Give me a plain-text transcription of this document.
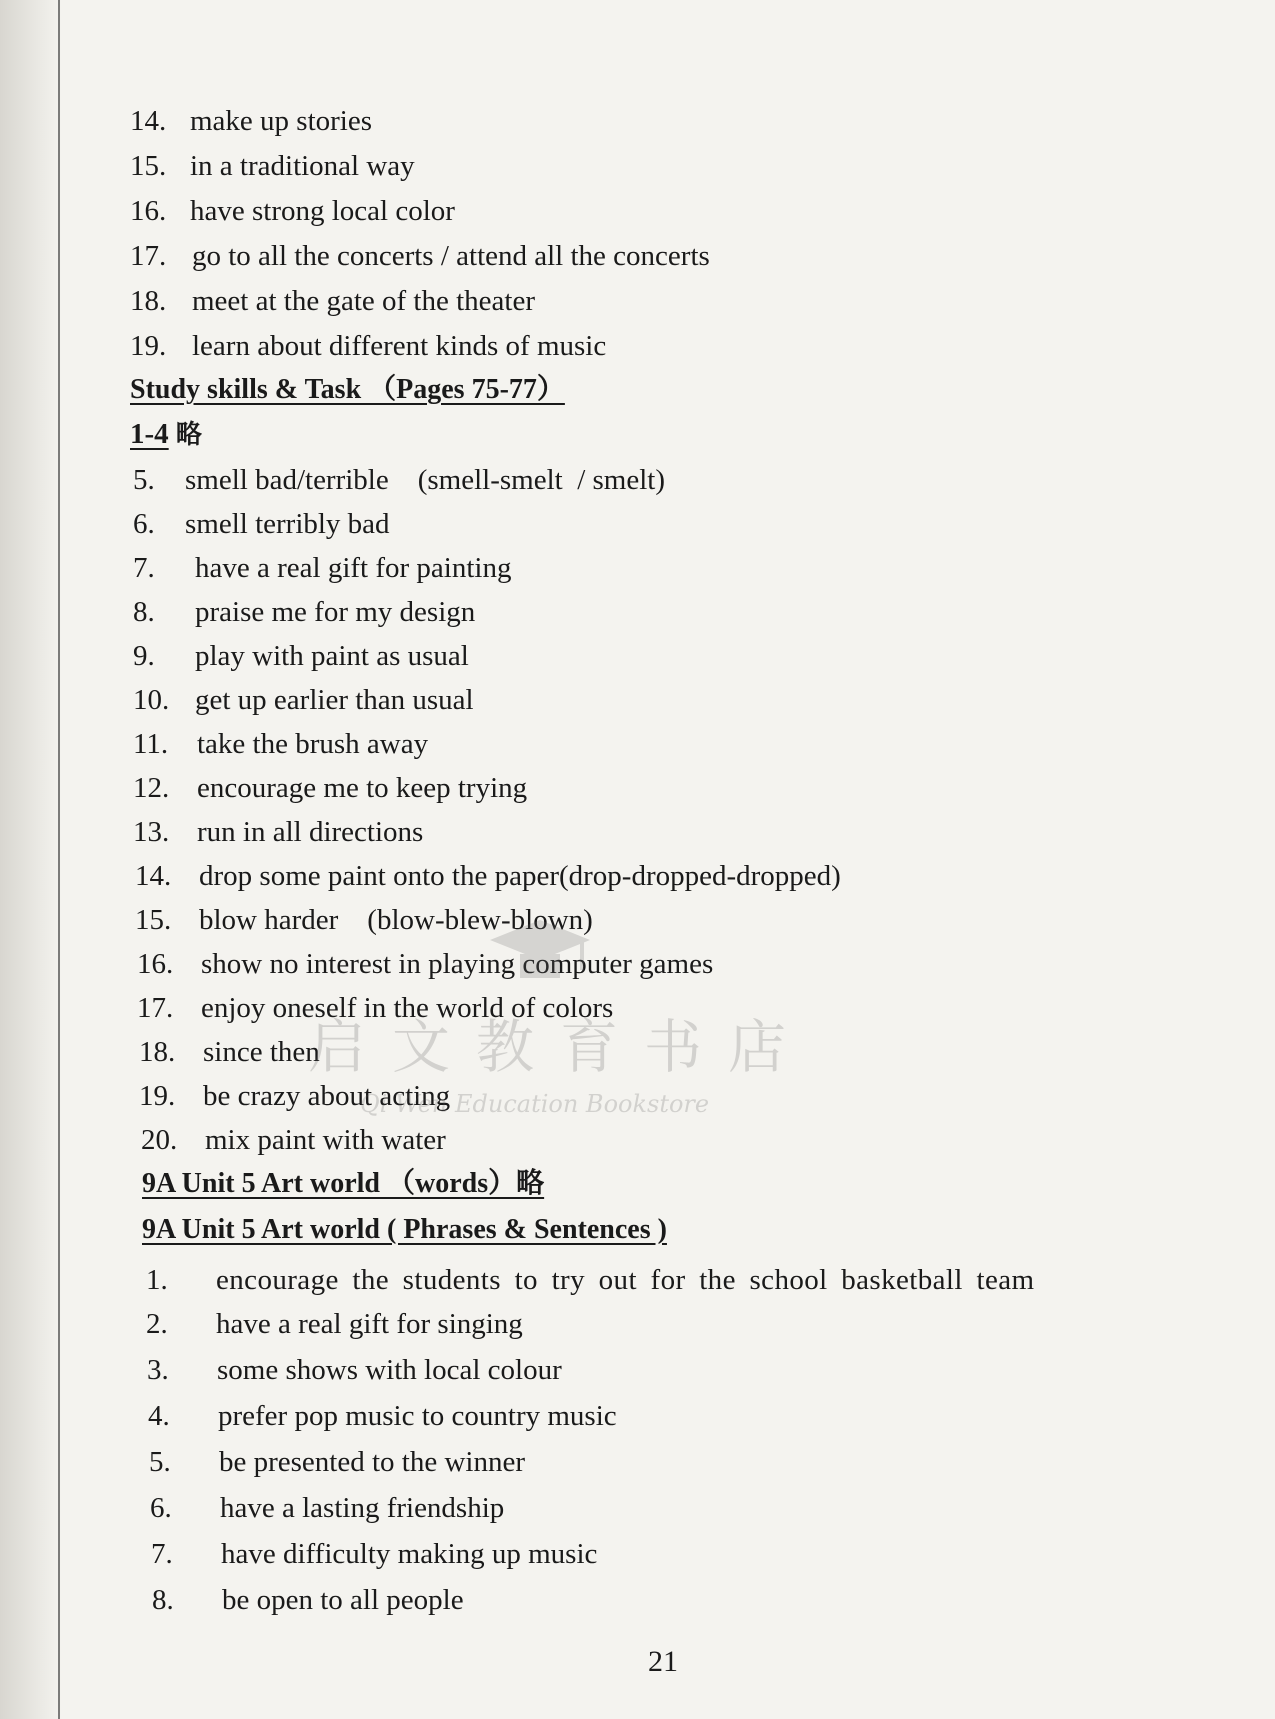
14. make up stories
15. in a traditional way
16. have strong local color
17. go to all the concerts / attend all the concerts
18. meet at the gate of the theater
19. learn about different kinds of music
Study skills & Task （Pages 75-77）
1-4 略
5. smell bad/terrible    (smell-smelt  / smelt)
6. smell terribly bad
7. have a real gift for painting
8. praise me for my design
9. play with paint as usual
10. get up earlier than usual
11. take the brush away
12. encourage me to keep trying
13. run in all directions
14. drop some paint onto the paper(drop-dropped-dropped)
15. blow harder    (blow-blew-blown)
16. show no interest in playing computer games
17. enjoy oneself in the world of colors
18. since then
19. be crazy about acting
20. mix paint with water
9A Unit 5 Art world （words）略
9A Unit 5 Art world ( Phrases & Sentences )
1. encourage the students to try out for the school basketball team
2. have a real gift for singing
3. some shows with local colour
4. prefer pop music to country music
5. be presented to the winner
6. have a lasting friendship
7. have difficulty making up music
8. be open to all people
21
启文教育书店
Qi Wen Education Bookstore
